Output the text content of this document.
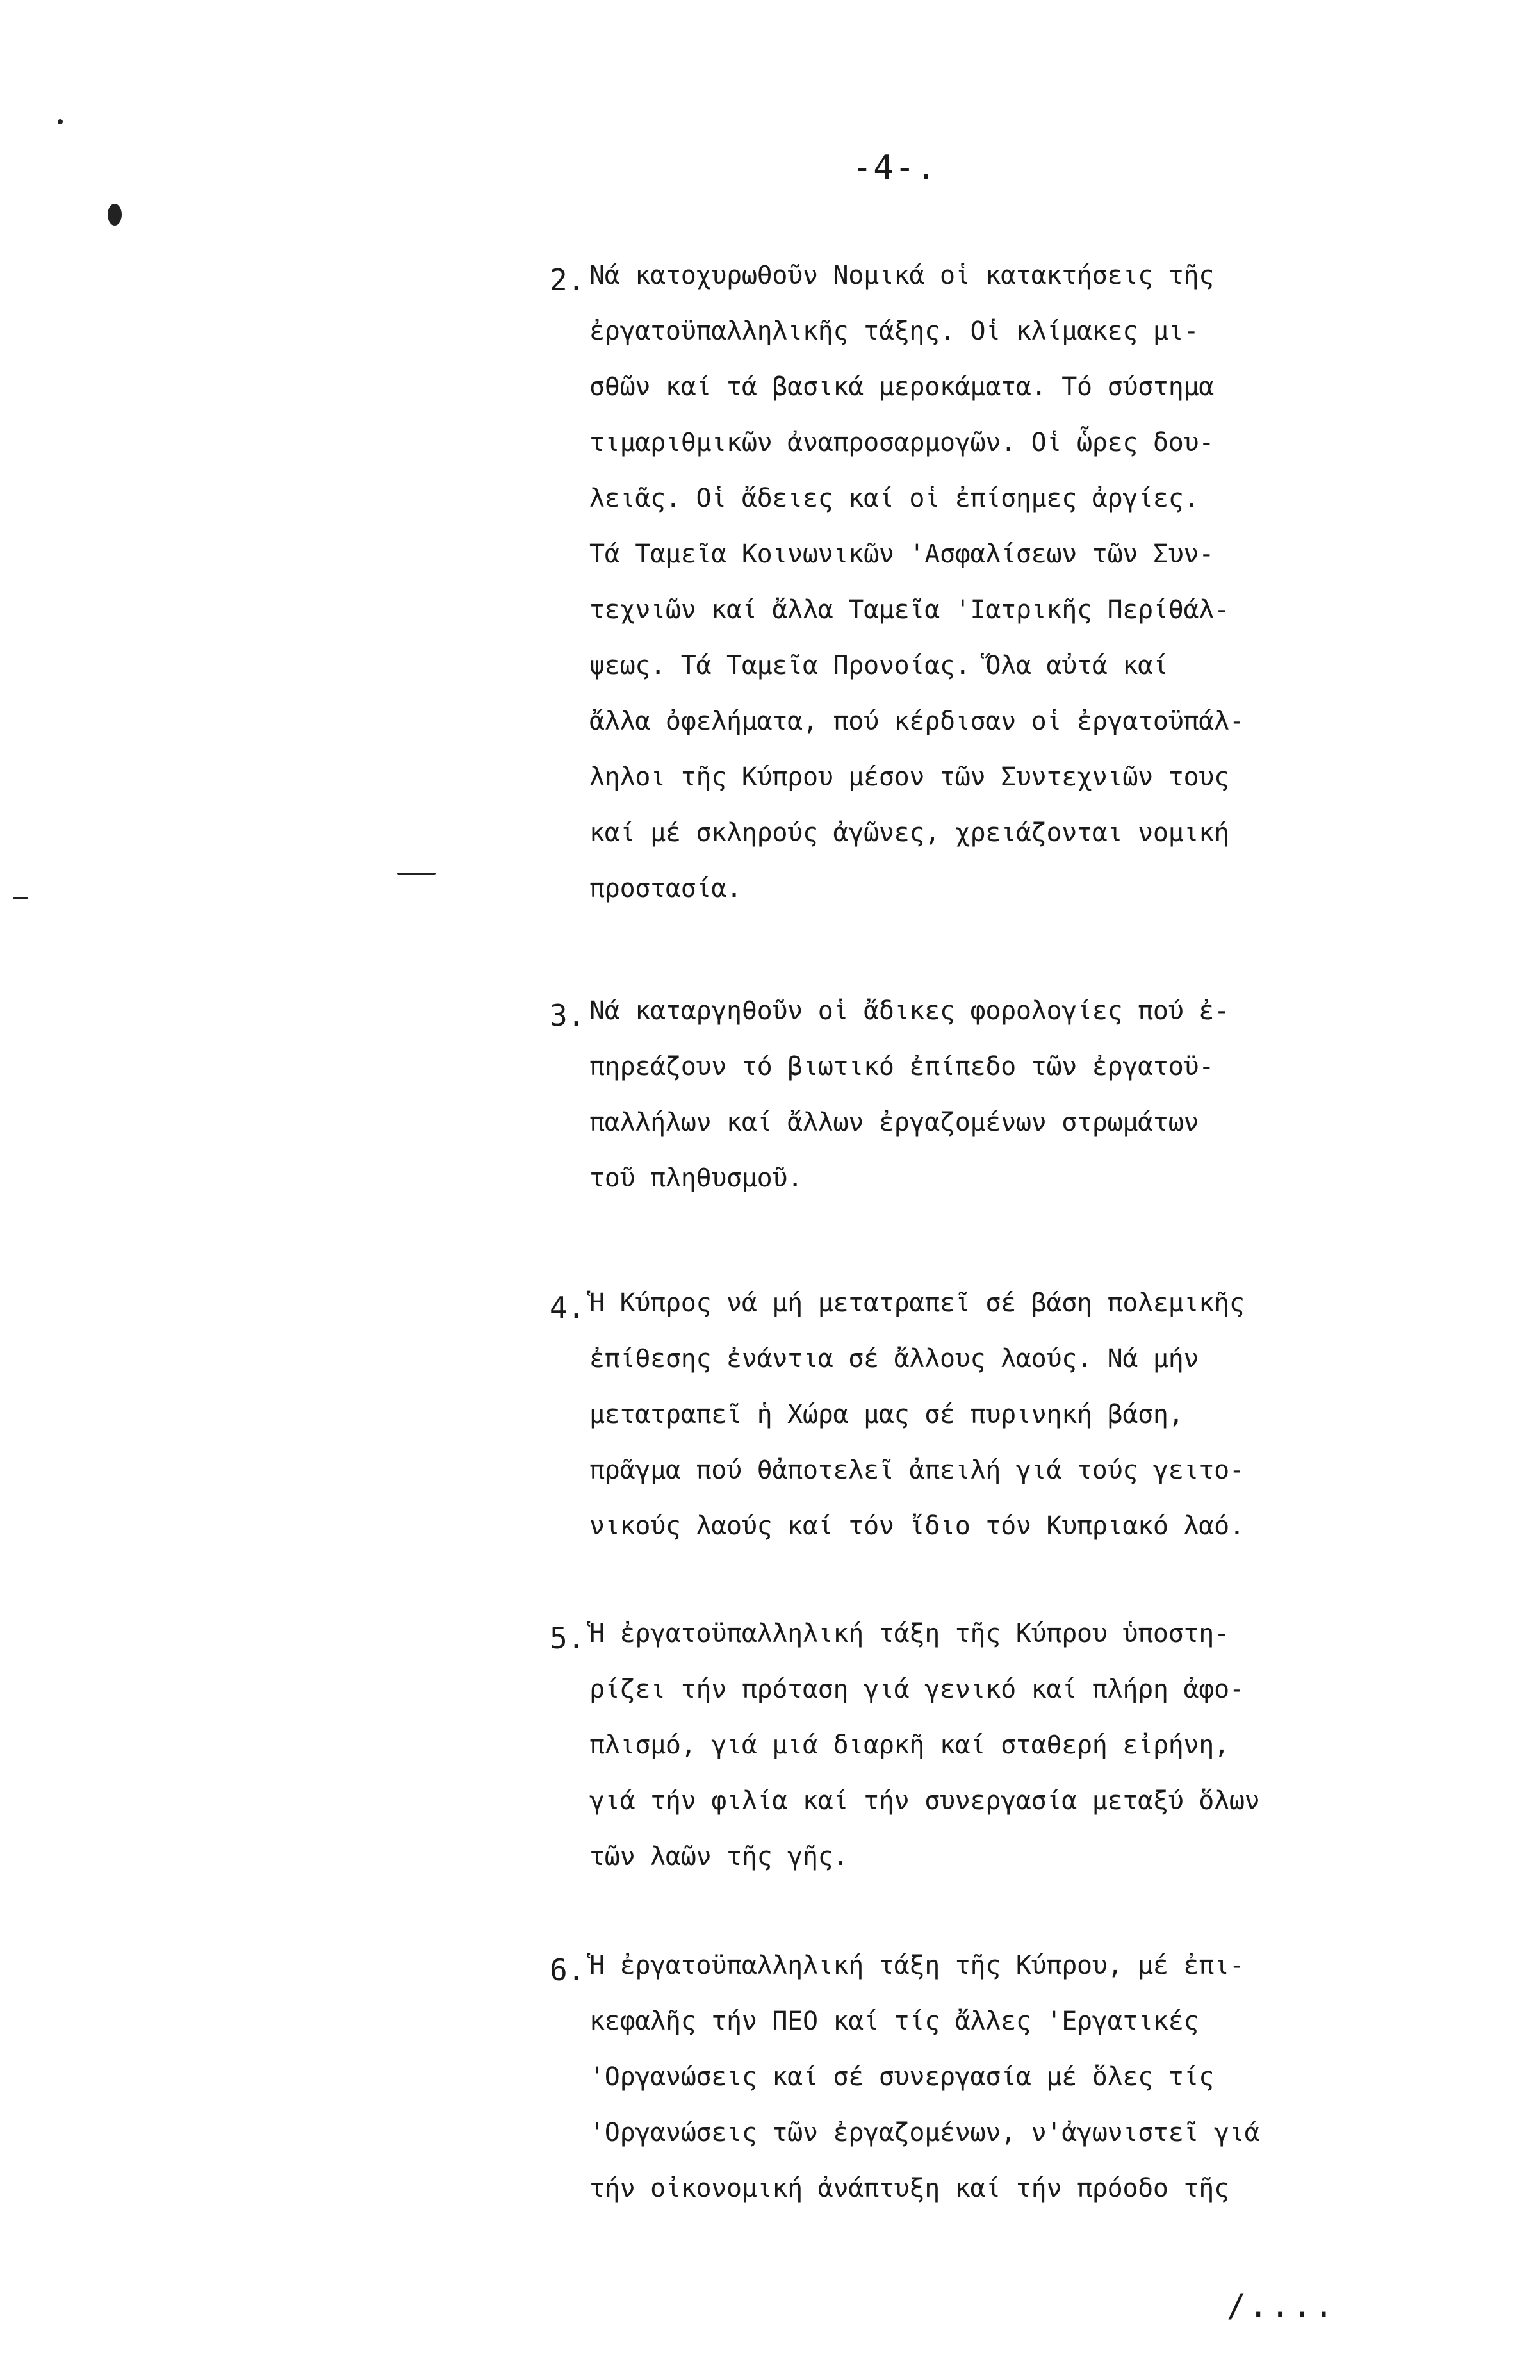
-4-.
2. Νά κατοχυρωθοῦν Νομικά οἱ κατακτήσεις τῆς

ἐργατοϋπαλληλικῆς τάξης. Οἱ κλίμακες μι-

σθῶν καί τά βασικά μεροκάματα. Τό σύστημα

τιμαριθμικῶν ἀναπροσαρμογῶν. Οἱ ὧρες δου-

λειᾶς. Οἱ ἄδειες καί οἱ ἐπίσημες ἀργίες.

Τά Ταμεῖα Κοινωνικῶν 'Ασφαλίσεων τῶν Συν-

τεχνιῶν καί ἄλλα Ταμεῖα 'Ιατρικῆς Περίθάλ-

ψεως. Τά Ταμεῖα Προνοίας. Ὅλα αὐτά καί

ἄλλα ὀφελήματα, πού κέρδισαν οἱ ἐργατοϋπάλ-

ληλοι τῆς Κύπρου μέσον τῶν Συντεχνιῶν τους

καί μέ σκληρούς ἀγῶνες, χρειάζονται νομική

προστασία.

3. Νά καταργηθοῦν οἱ ἄδικες φορολογίες πού ἐ-

πηρεάζουν τό βιωτικό ἐπίπεδο τῶν ἐργατοϋ-

παλλήλων καί ἄλλων ἐργαζομένων στρωμάτων

τοῦ πληθυσμοῦ.

4. Ἡ Κύπρος νά μή μετατραπεῖ σέ βάση πολεμικῆς

ἐπίθεσης ἐνάντια σέ ἄλλους λαούς. Νά μήν

μετατραπεῖ ἡ Χώρα μας σέ πυρινηκή βάση,

πρᾶγμα πού θἀποτελεῖ ἀπειλή γιά τούς γειτο-

νικούς λαούς καί τόν ἴδιο τόν Κυπριακό λαό.

5. Ἡ ἐργατοϋπαλληλική τάξη τῆς Κύπρου ὑποστη-

ρίζει τήν πρόταση γιά γενικό καί πλήρη ἀφο-

πλισμό, γιά μιά διαρκῆ καί σταθερή εἰρήνη,

γιά τήν φιλία καί τήν συνεργασία μεταξύ ὅλων

τῶν λαῶν τῆς γῆς.

6. Ἡ ἐργατοϋπαλληλική τάξη τῆς Κύπρου, μέ ἐπι-

κεφαλῆς τήν ΠΕΟ καί τίς ἄλλες 'Εργατικές

'Οργανώσεις καί σέ συνεργασία μέ ὅλες τίς

'Οργανώσεις τῶν ἐργαζομένων, ν'ἀγωνιστεῖ γιά

τήν οἰκονομική ἀνάπτυξη καί τήν πρόοδο τῆς

/....
